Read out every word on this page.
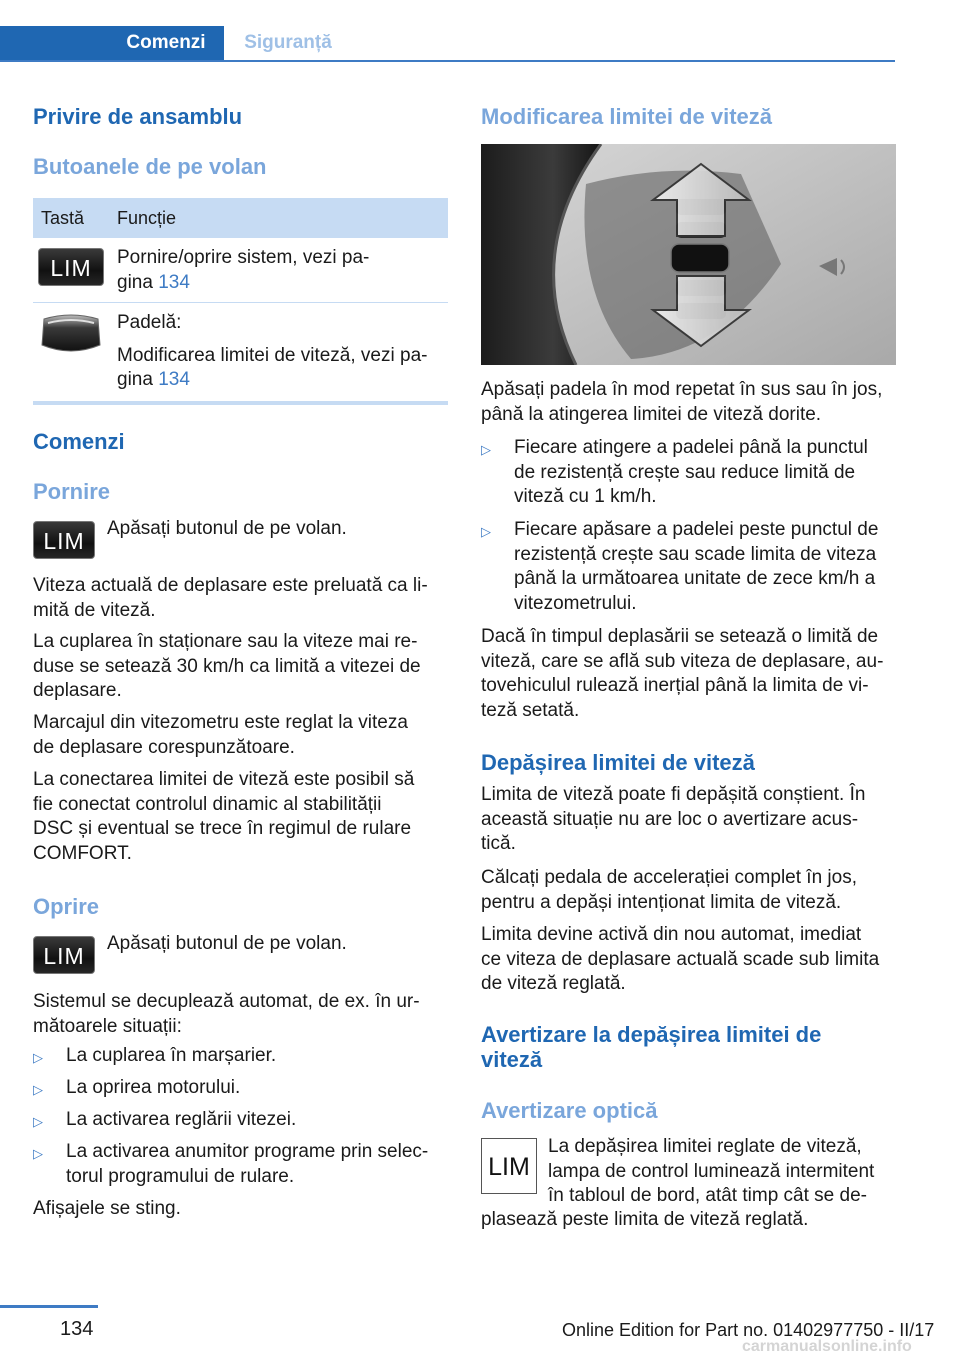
Comenzi	Siguranță
Privire de ansamblu
Butoanele de pe volan
Tastă Funcție
LIM	Pornire/oprire sistem, vezi pa-
gina 134
Padelă:

Modificarea limitei de viteză, vezi pa-
gina 134
Comenzi
Pornire
LIM	Apăsați butonul de pe volan.

Viteza actuală de deplasare este preluată ca li-
mită de viteză.

La cuplarea în staționare sau la viteze mai re-
duse se setează 30 km/h ca limită a vitezei de
deplasare.

Marcajul din vitezometru este reglat la viteza
de deplasare corespunzătoare.

La conectarea limitei de viteză este posibil să
fie conectat controlul dinamic al stabilității
DSC și eventual se trece în regimul de rulare
COMFORT.

Oprire
LIM	Apăsați butonul de pe volan.

Sistemul se decuplează automat, de ex. în ur-
mătoarele situații:

▷ La cuplarea în marșarier.
▷ La oprirea motorului.
▷ La activarea reglării vitezei.
▷ La activarea anumitor programe prin selec-
torul programului de rulare.

Afișajele se sting.

Modificarea limitei de viteză

Apăsați padela în mod repetat în sus sau în jos,
până la atingerea limitei de viteză dorite.

▷ Fiecare atingere a padelei până la punctul
de rezistență crește sau reduce limită de
viteză cu 1 km/h.
▷ Fiecare apăsare a padelei peste punctul de
rezistență crește sau scade limita de viteza
până la următoarea unitate de zece km/h a
vitezometrului.

Dacă în timpul deplasării se setează o limită de
viteză, care se află sub viteza de deplasare, au-
tovehiculul rulează inerțial până la limita de vi-
teză setată.

Depășirea limitei de viteză

Limita de viteză poate fi depășită conștient. În
această situație nu are loc o avertizare acus-
tică.

Călcați pedala de accelerației complet în jos,
pentru a depăși intenționat limita de viteză.

Limita devine activă din nou automat, imediat
ce viteza de deplasare actuală scade sub limita
de viteză reglată.

Avertizare la depășirea limitei de
viteză
Avertizare optică
LIM

La depășirea limitei reglate de viteză,
lampa de control luminează intermitent
în tabloul de bord, atât timp cât se de-

plasează peste limita de viteză reglată.

134	Online Edition for Part no. 01402977750 - II/17
carmanualsonline.info
